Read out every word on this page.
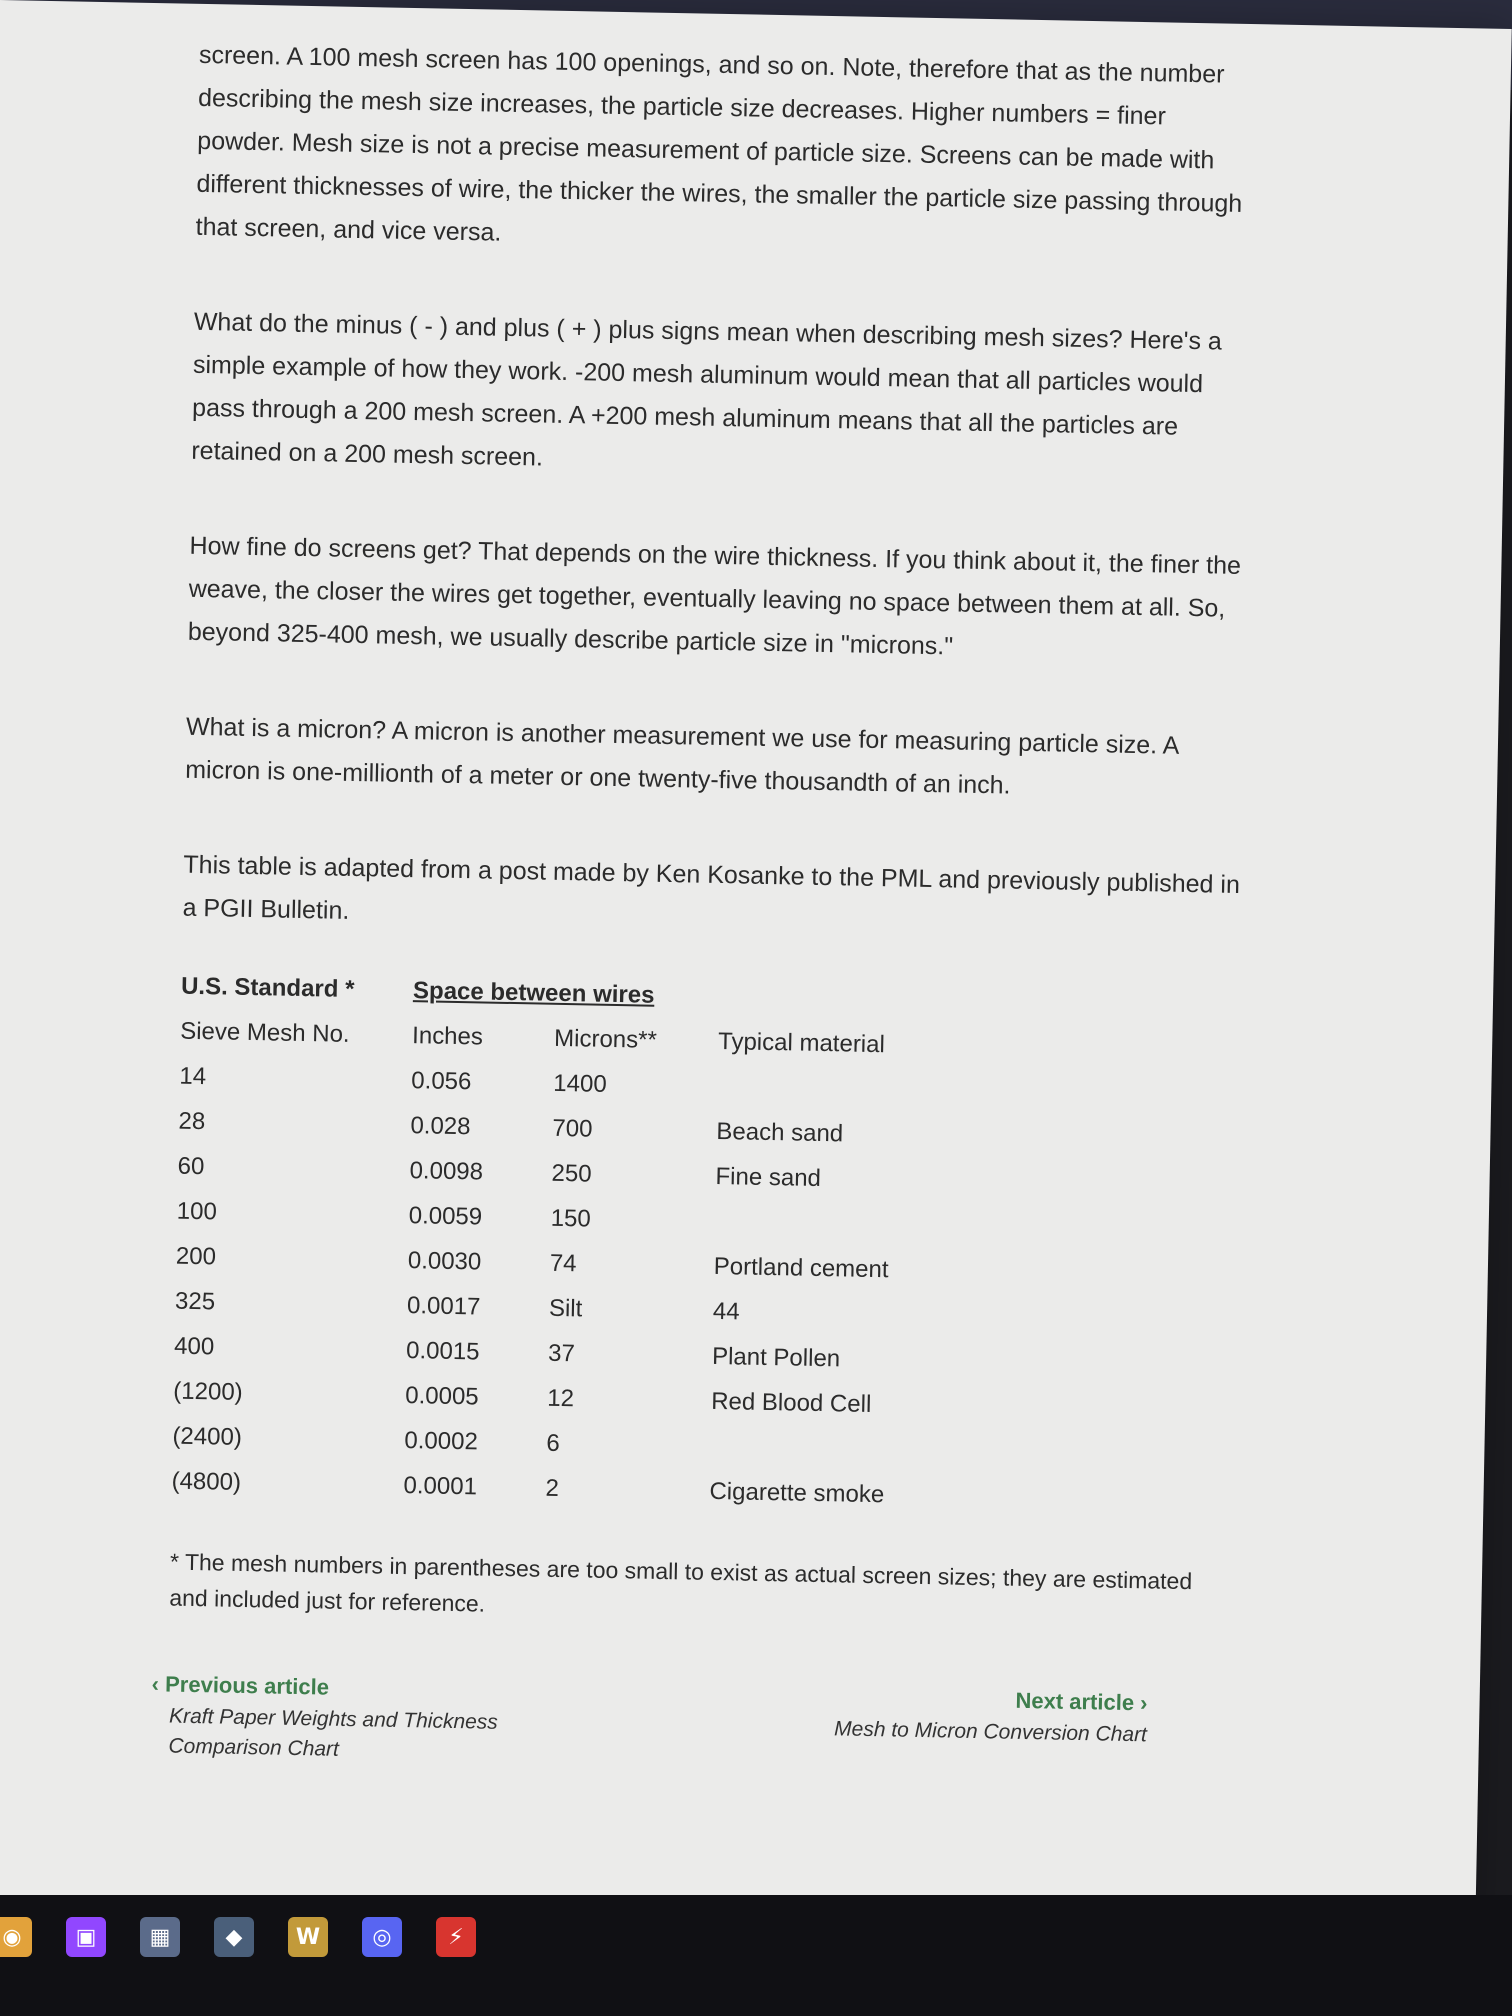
screen. A 100 mesh screen has 100 openings, and so on. Note, therefore that as the number describing the mesh size increases, the particle size decreases. Higher numbers = finer powder. Mesh size is not a precise measurement of particle size. Screens can be made with different thicknesses of wire, the thicker the wires, the smaller the particle size passing through that screen, and vice versa.

What do the minus ( - ) and plus ( + ) plus signs mean when describing mesh sizes? Here's a simple example of how they work. -200 mesh aluminum would mean that all particles would pass through a 200 mesh screen. A +200 mesh aluminum means that all the particles are retained on a 200 mesh screen.

How fine do screens get? That depends on the wire thickness. If you think about it, the finer the weave, the closer the wires get together, eventually leaving no space between them at all. So, beyond 325-400 mesh, we usually describe particle size in "microns."

What is a micron? A micron is another measurement we use for measuring particle size. A micron is one-millionth of a meter or one twenty-five thousandth of an inch.

This table is adapted from a post made by Ken Kosanke to the PML and previously published in a PGII Bulletin.

U.S. Standard *	Space between wires		
Sieve Mesh No.	Inches	Microns**	Typical material
14	0.056	1400	
28	0.028	700	Beach sand
60	0.0098	250	Fine sand
100	0.0059	150	
200	0.0030	74	Portland cement
325	0.0017	Silt	44
400	0.0015	37	Plant Pollen
(1200)	0.0005	12	Red Blood Cell
(2400)	0.0002	6	
(4800)	0.0001	2	Cigarette smoke

* The mesh numbers in parentheses are too small to exist as actual screen sizes; they are estimated and included just for reference.

‹ Previous article
Kraft Paper Weights and Thickness Comparison Chart
Next article ›
Mesh to Micron Conversion Chart
◉	▣	▦	◆	W	◎	⚡
